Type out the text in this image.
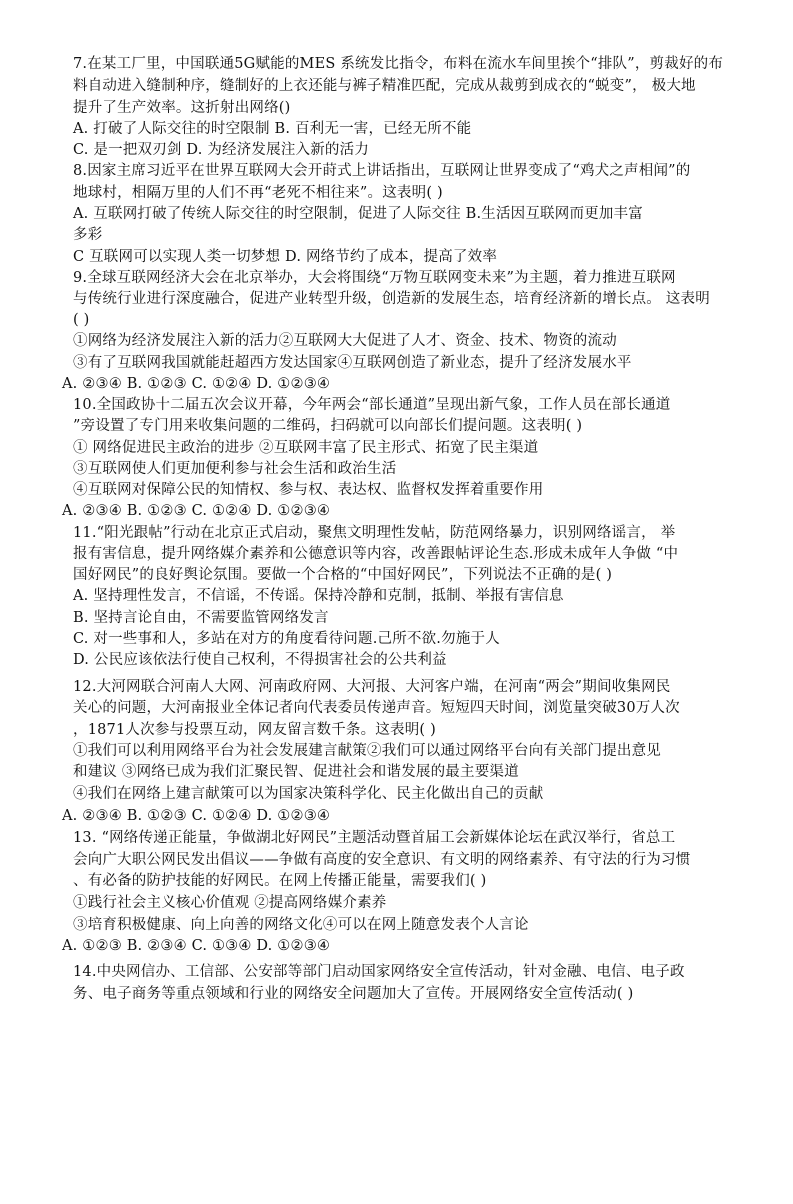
7.在某工厂里，中国联通5G赋能的MES 系统发比指令，布料在流水车间里挨个“排队”，剪裁好的布
料自动进入缝制种序，缝制好的上衣还能与裤子精准匹配，完成从裁剪到成衣的“蜕变”， 极大地
提升了生产效率。这折射出网络()
A. 打破了人际交往的时空限制 B. 百利无一害，已经无所不能
C. 是一把双刃剑 D. 为经济发展注入新的活力
8.因家主席习近平在世界互联网大会开莳式上讲话指出，互联网让世界变成了“鸡犬之声相闻”的
地球村，相隔万里的人们不再“老死不相往来”。这表明( )
A. 互联网打破了传统人际交往的时空限制，促进了人际交往 B.生活因互联网而更加丰富
多彩
C 互联网可以实现人类一切梦想 D. 网络节约了成本，提高了效率
9.全球互联网经济大会在北京举办，大会将围绕“万物互联网变未来”为主题，着力推进互联网
与传统行业进行深度融合，促进产业转型升级，创造新的发展生态，培育经济新的增长点。 这表明
( )
①网络为经济发展注入新的活力②互联网大大促进了人才、资金、技术、物资的流动
③有了互联网我国就能赶超西方发达国家④互联网创造了新业态，提升了经济发展水平
A. ②③④ B. ①②③ C. ①②④ D. ①②③④
10.全国政协十二届五次会议开幕，今年两会“部长通道”呈现出新气象，工作人员在部长通道
”旁设置了专门用来收集问题的二维码，扫码就可以向部长们提问题。这表明( )
① 网络促进民主政治的进步 ②互联网丰富了民主形式、拓宽了民主渠道
③互联网使人们更加便利参与社会生活和政治生活
④互联网对保障公民的知情权、参与权、表达权、监督权发挥着重要作用
A. ②③④ B. ①②③ C. ①②④ D. ①②③④
11.“阳光跟帖”行动在北京正式启动，聚焦文明理性发帖，防范网络暴力，识别网络谣言， 举
报有害信息，提升网络媒介素养和公德意识等内容，改善跟帖评论生态.形成未成年人争做 “中
国好网民”的良好舆论氛围。要做一个合格的“中国好网民”，下列说法不正确的是( )
A. 坚持理性发言，不信谣，不传谣。保持冷静和克制，抵制、举报有害信息
B. 坚持言论自由，不需要监管网络发言
C. 对一些事和人，多站在对方的角度看待问题.己所不欲.勿施于人
D. 公民应该依法行使自己权利，不得损害社会的公共利益
12.大河网联合河南人大网、河南政府网、大河报、大河客户端，在河南“两会”期间收集网民
关心的问题，大河南报业全体记者向代表委员传递声音。短短四天时间，浏览量突破30万人次
，1871人次参与投票互动，网友留言数千条。这表明( )
①我们可以利用网络平台为社会发展建言献策②我们可以通过网络平台向有关部门提出意见
和建议 ③网络已成为我们汇聚民智、促进社会和谐发展的最主要渠道
④我们在网络上建言献策可以为国家决策科学化、民主化做出自己的贡献
A. ②③④ B. ①②③ C. ①②④ D. ①②③④
13. “网络传递正能量，争做湖北好网民”主题活动暨首届工会新媒体论坛在武汉举行，省总工
会向广大职公网民发出倡议——争做有高度的安全意识、有文明的网络素养、有守法的行为习惯
、有必备的防护技能的好网民。在网上传播正能量，需要我们( )
①践行社会主义核心价值观 ②提高网络媒介素养
③培育积极健康、向上向善的网络文化④可以在网上随意发表个人言论
A. ①②③ B. ②③④ C. ①③④ D. ①②③④
14.中央网信办、工信部、公安部等部门启动国家网络安全宣传活动，针对金融、电信、电子政
务、电子商务等重点领域和行业的网络安全问题加大了宣传。开展网络安全宣传活动( )
